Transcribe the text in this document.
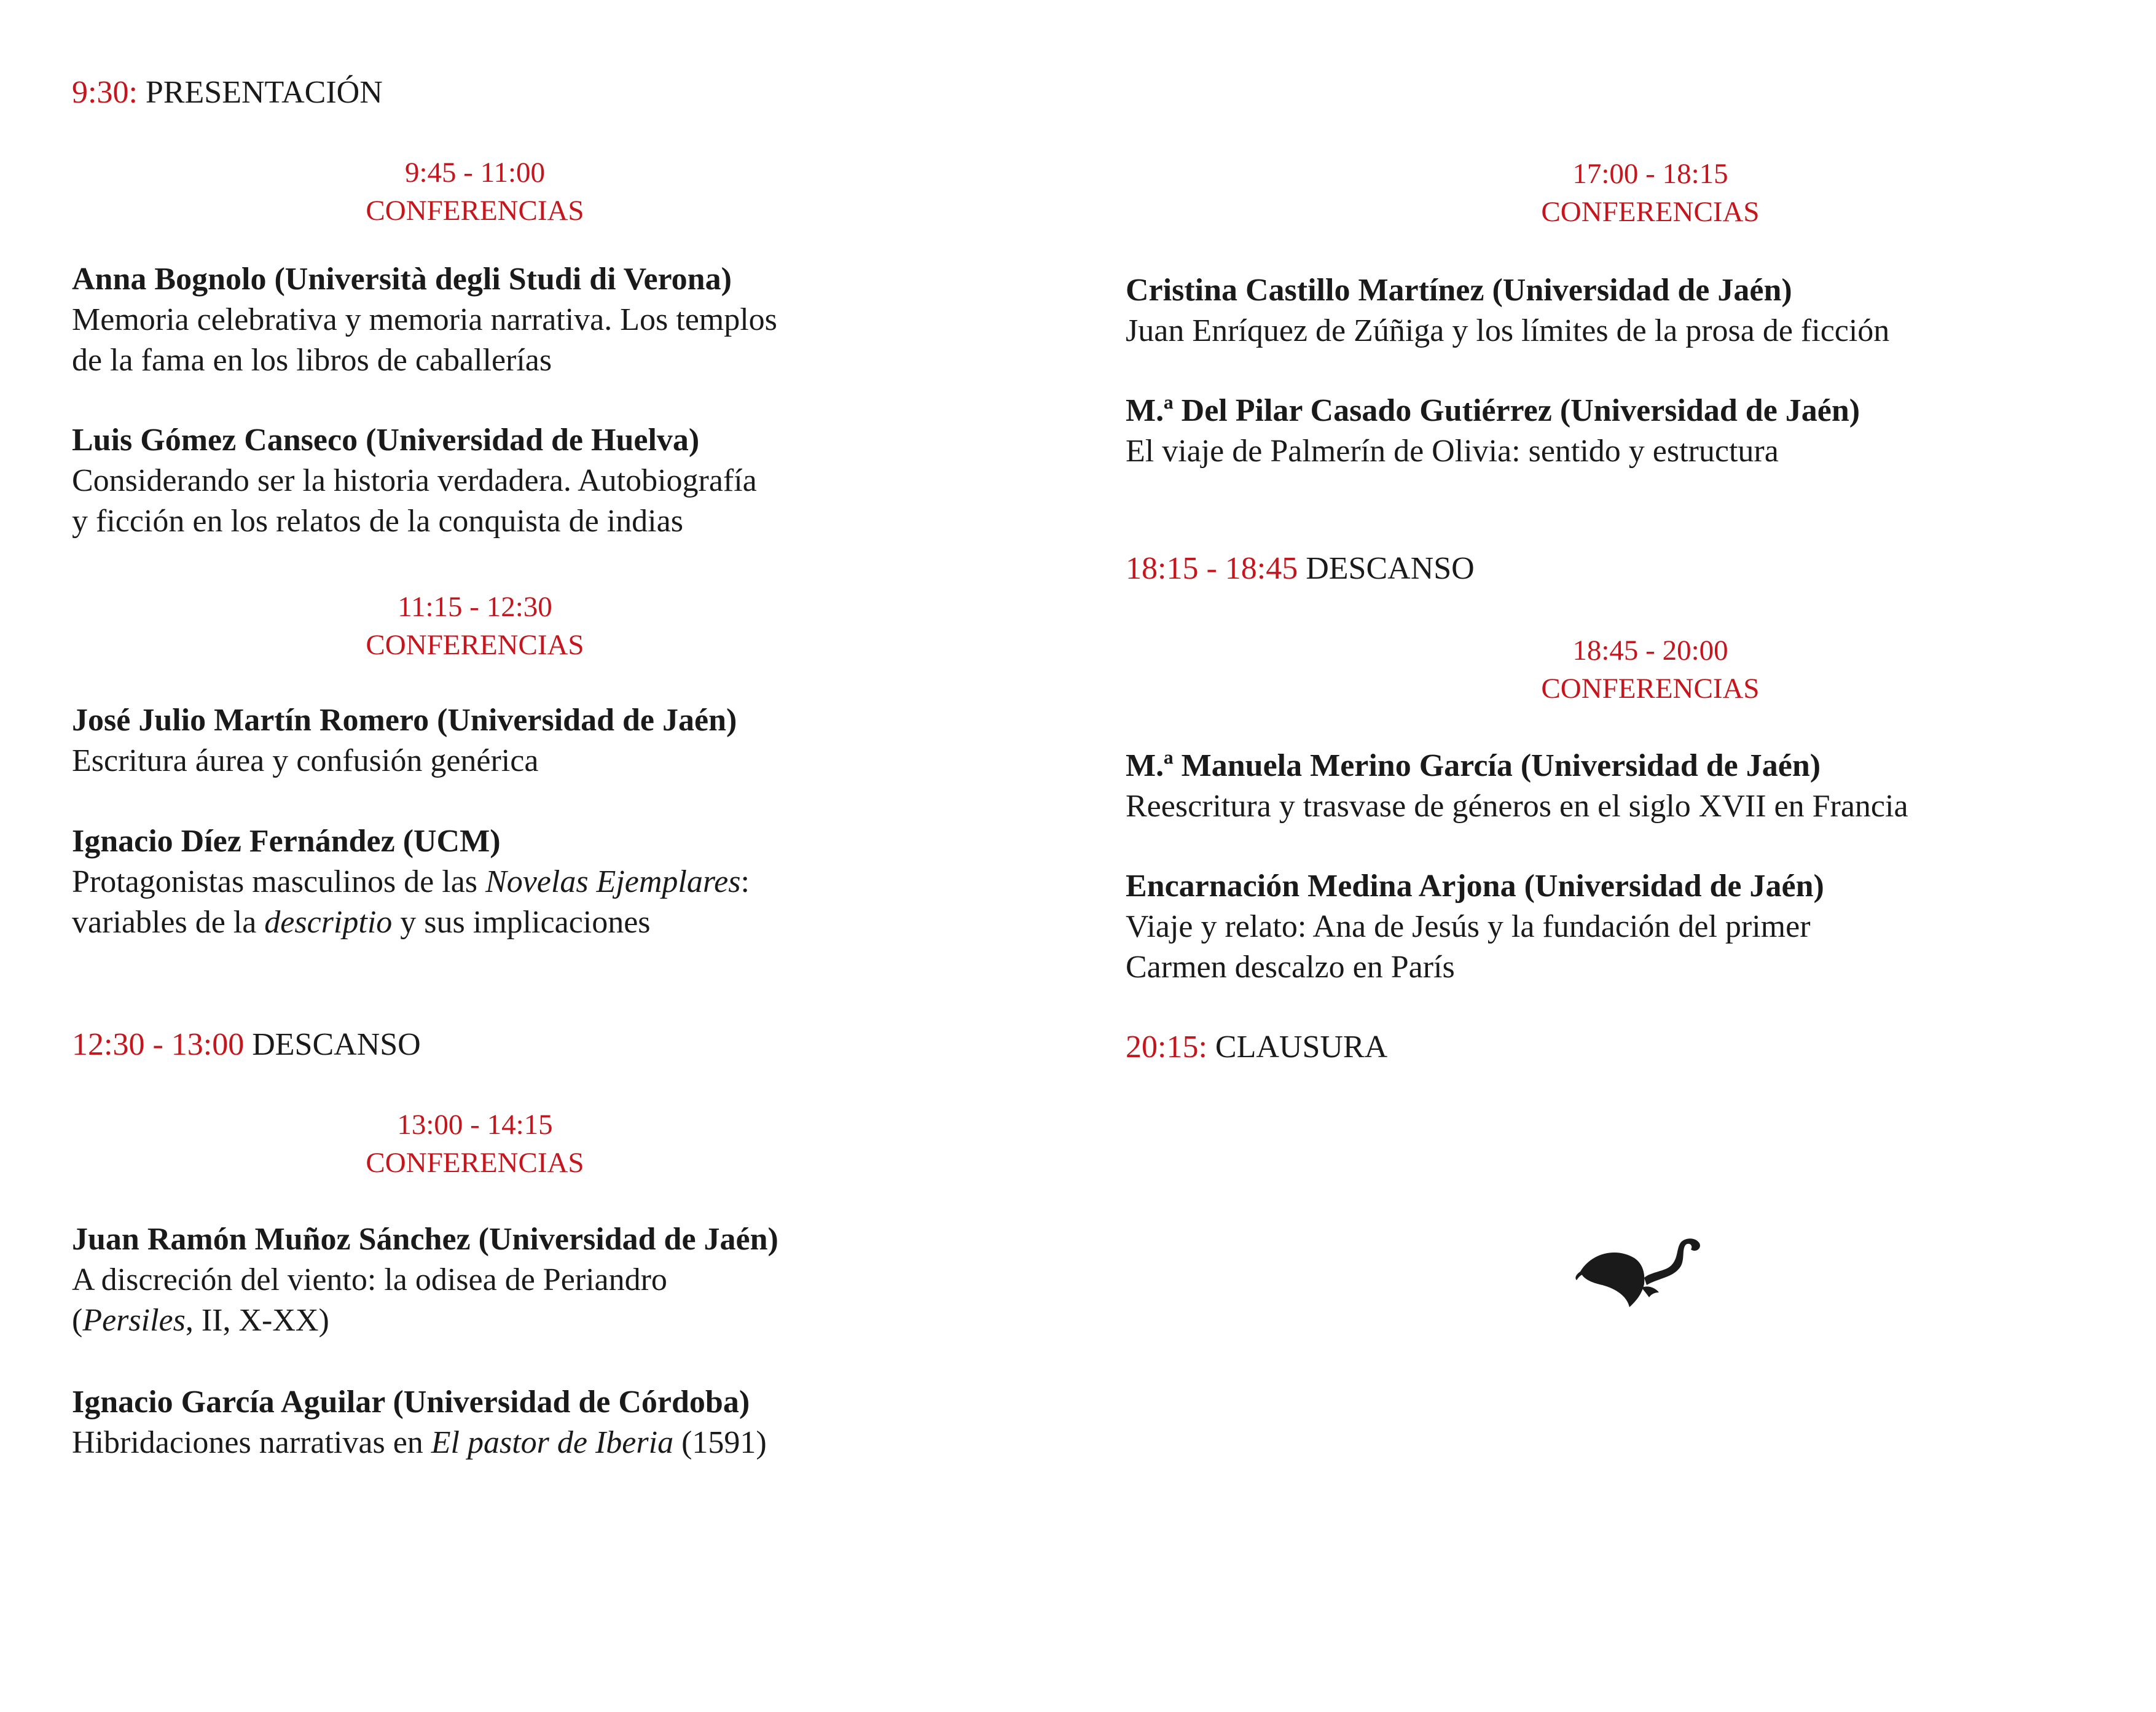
9:30: PRESENTACIÓN
9:45 - 11:00
CONFERENCIAS
Anna Bognolo (Università degli Studi di Verona)
Memoria celebrativa y memoria narrativa. Los templos
de la fama en los libros de caballerías
Luis Gómez Canseco (Universidad de Huelva)
Considerando ser la historia verdadera. Autobiografía
y ficción en los relatos de la conquista de indias
11:15 - 12:30
CONFERENCIAS
José Julio Martín Romero (Universidad de Jaén)
Escritura áurea y confusión genérica
Ignacio Díez Fernández (UCM)
Protagonistas masculinos de las Novelas Ejemplares:
variables de la descriptio y sus implicaciones
12:30 - 13:00 DESCANSO
13:00 - 14:15
CONFERENCIAS
Juan Ramón Muñoz Sánchez (Universidad de Jaén)
A discreción del viento: la odisea de Periandro
(Persiles, II, X-XX)
Ignacio García Aguilar (Universidad de Córdoba)
Hibridaciones narrativas en El pastor de Iberia (1591)
17:00 - 18:15
CONFERENCIAS
Cristina Castillo Martínez (Universidad de Jaén)
Juan Enríquez de Zúñiga y los límites de la prosa de ficción
M.ª Del Pilar Casado Gutiérrez (Universidad de Jaén)
El viaje de Palmerín de Olivia: sentido y estructura
18:15 - 18:45 DESCANSO
18:45 - 20:00
CONFERENCIAS
M.ª Manuela Merino García (Universidad de Jaén)
Reescritura y trasvase de géneros en el siglo XVII en Francia
Encarnación Medina Arjona (Universidad de Jaén)
Viaje y relato: Ana de Jesús y la fundación del primer
Carmen descalzo en París
20:15: CLAUSURA
